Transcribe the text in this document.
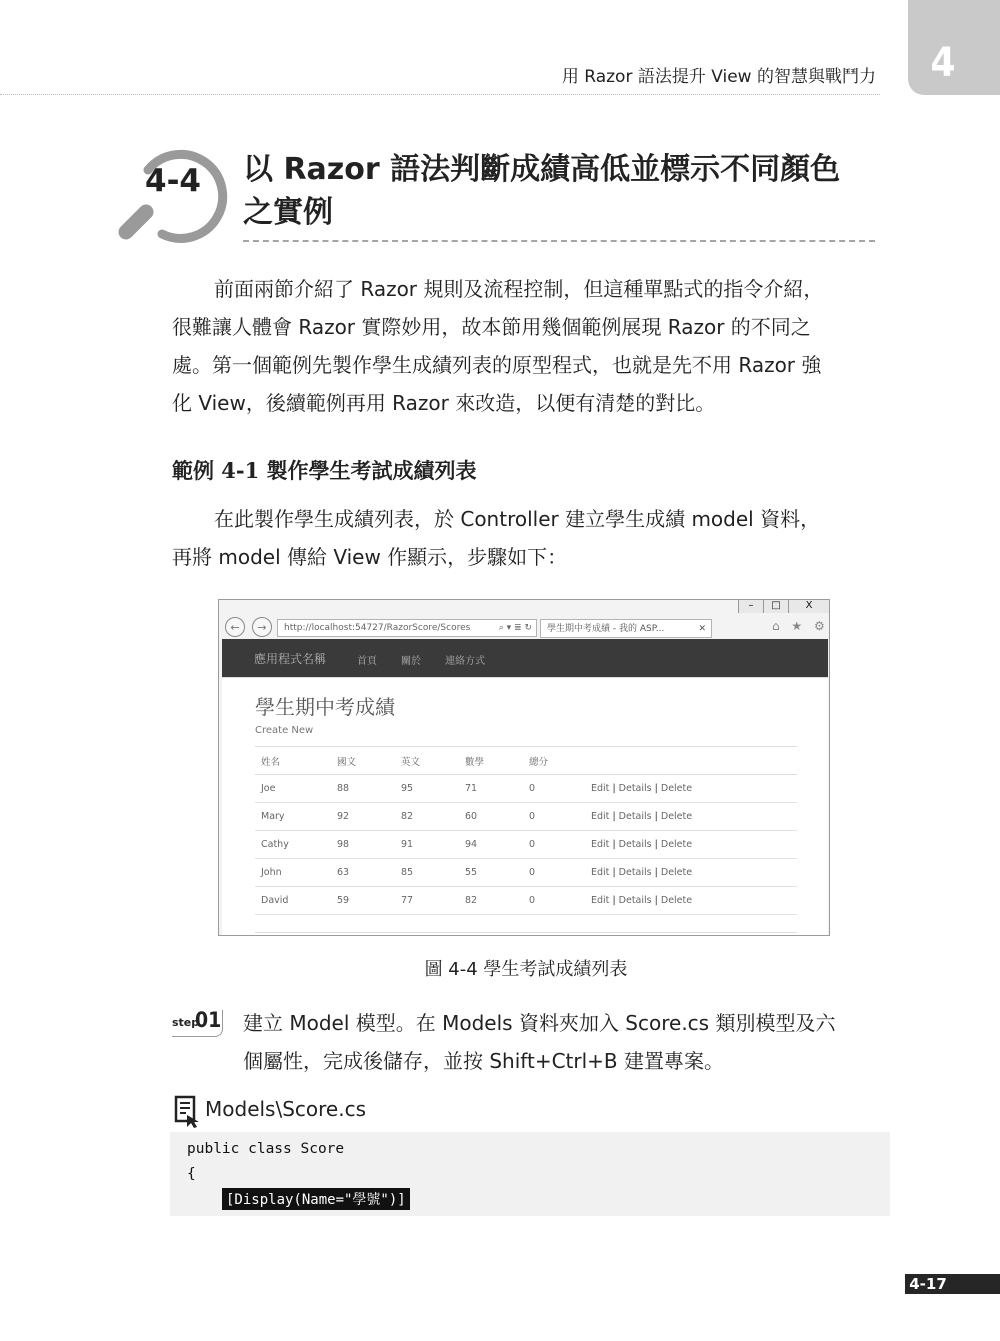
用 Razor 語法提升 View 的智慧與戰鬥力	4
4-4 以 Razor 語法判斷成績高低並標示不同顏色
之實例

前面兩節介紹了 Razor 規則及流程控制，但這種單點式的指令介紹，

很難讓人體會 Razor 實際妙用，故本節用幾個範例展現 Razor 的不同之

處。第一個範例先製作學生成績列表的原型程式，也就是先不用 Razor 強

化 View，後續範例再用 Razor 來改造，以便有清楚的對比。

範例 4-1 製作學生考試成績列表

在此製作學生成績列表，於 Controller 建立學生成績 model 資料，

再將 model 傳給 View 作顯示，步驟如下：

–	□	X
←	→	http://localhost:54727/RazorScore/Scores	⌕ ▾ ≣ ↻	學生期中考成績 - 我的 ASP...	✕	⌂ ★ ⚙
應用程式名稱	首頁 關於 連絡方式
學生期中考成績
Create New
姓名	國文	英文	數學	總分	
Joe	88	95	71	0	Edit | Details | Delete
Mary	92	82	60	0	Edit | Details | Delete
Cathy	98	91	94	0	Edit | Details | Delete
John	63	85	55	0	Edit | Details | Delete
David	59	77	82	0	Edit | Details | Delete
圖 4-4 學生考試成績列表
step
01 建立 Model 模型。在 Models 資料夾加入 Score.cs 類別模型及六

個屬性，完成後儲存，並按 Shift+Ctrl+B 建置專案。

Models\Score.cs
public class Score
{
[Display(Name="學號")]
4-17
